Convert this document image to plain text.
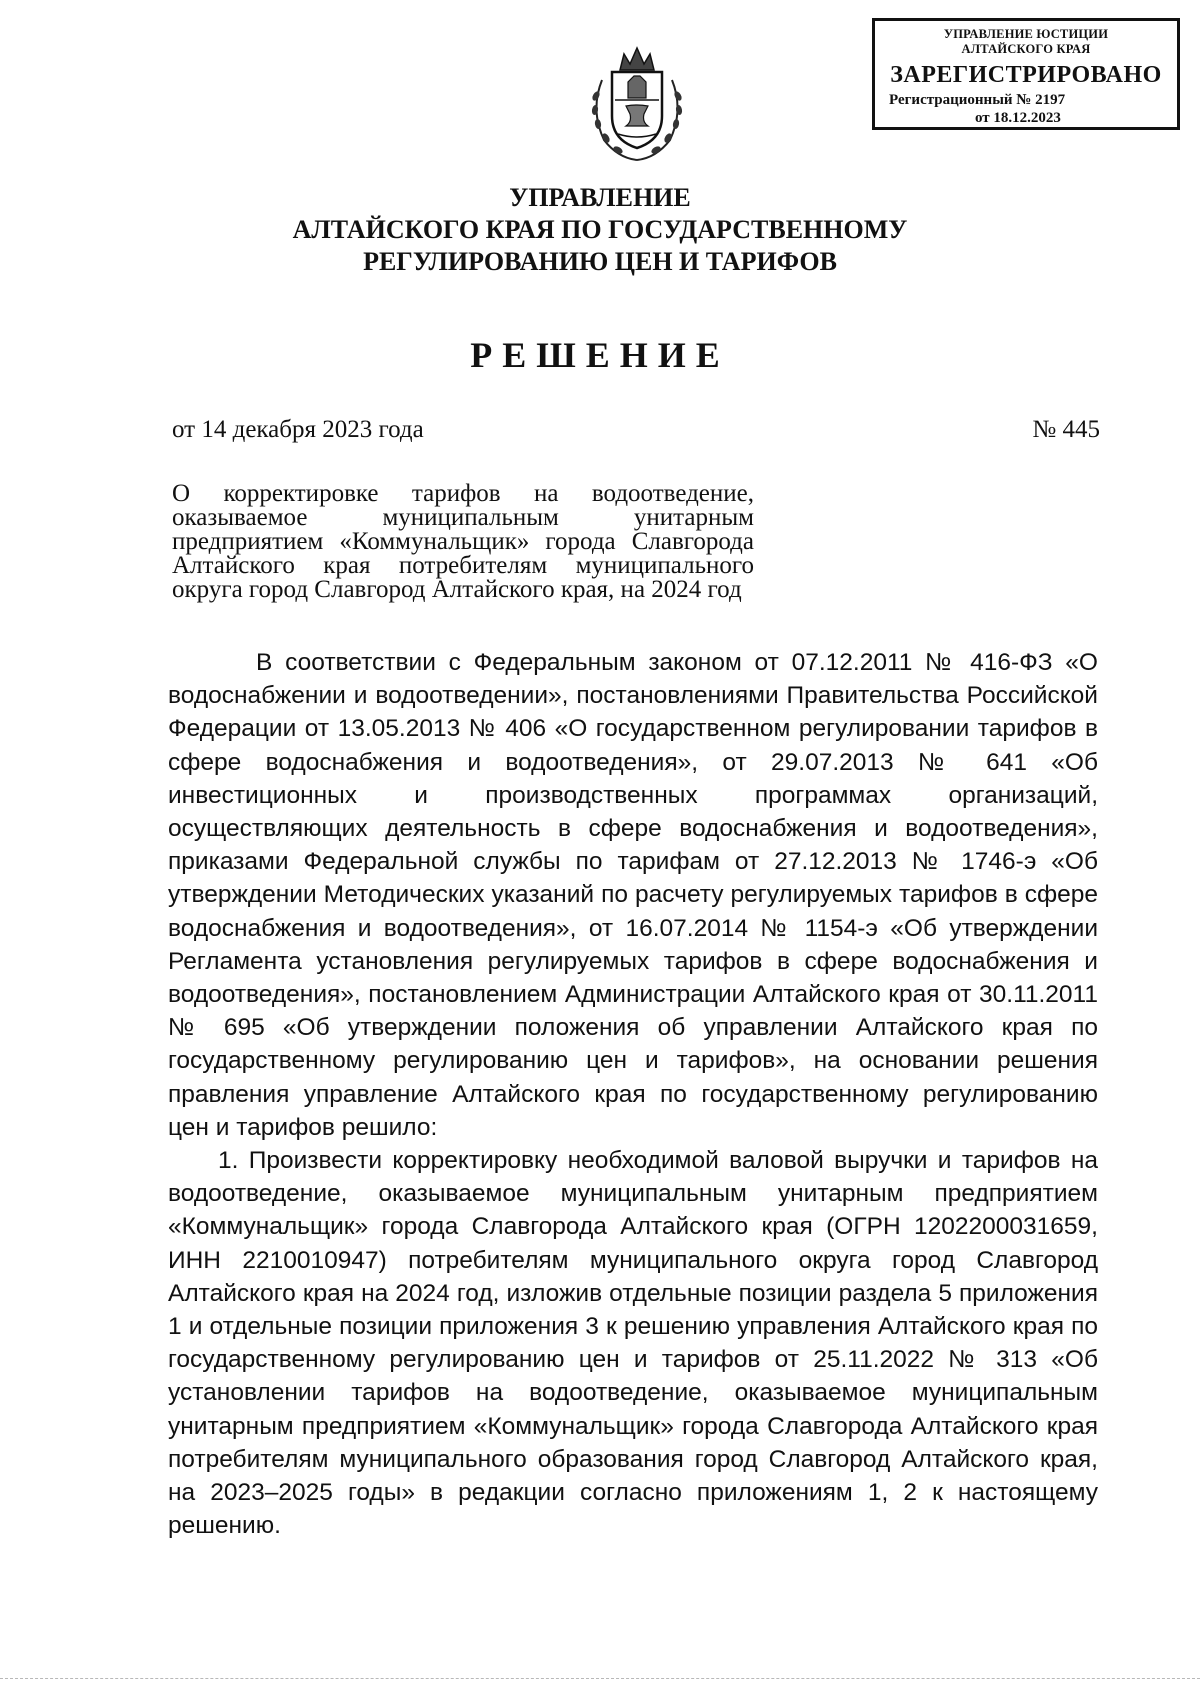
УПРАВЛЕНИЕ ЮСТИЦИИ
АЛТАЙСКОГО КРАЯ
ЗАРЕГИСТРИРОВАНО
Регистрационный № 2197
от 18.12.2023
УПРАВЛЕНИЕ
АЛТАЙСКОГО КРАЯ ПО ГОСУДАРСТВЕННОМУ
РЕГУЛИРОВАНИЮ ЦЕН И ТАРИФОВ
РЕШЕНИЕ
от 14 декабря 2023 года	№ 445

О корректировке тарифов на водоотведение, оказываемое муниципальным унитарным предприятием «Коммунальщик» города Славгорода Алтайского края потребителям муниципального округа город Славгород Алтайского края, на 2024 год

В соответствии с Федеральным законом от 07.12.2011 № 416-ФЗ «О водоснабжении и водоотведении», постановлениями Правительства Российской Федерации от 13.05.2013 № 406 «О государственном регулировании тарифов в сфере водоснабжения и водоотведения», от 29.07.2013 № 641 «Об инвестиционных и производственных программах организаций, осуществляющих деятельность в сфере водоснабжения и водоотведения», приказами Федеральной службы по тарифам от 27.12.2013 № 1746-э «Об утверждении Методических указаний по расчету регулируемых тарифов в сфере водоснабжения и водоотведения», от 16.07.2014 № 1154-э «Об утверждении Регламента установления регулируемых тарифов в сфере водоснабжения и водоотведения», постановлением Администрации Алтайского края от 30.11.2011 № 695 «Об утверждении положения об управлении Алтайского края по государственному регулированию цен и тарифов», на основании решения правления управление Алтайского края по государственному регулированию цен и тарифов решило:

1. Произвести корректировку необходимой валовой выручки и тарифов на водоотведение, оказываемое муниципальным унитарным предприятием «Коммунальщик» города Славгорода Алтайского края (ОГРН 1202200031659, ИНН 2210010947) потребителям муниципального округа город Славгород Алтайского края на 2024 год, изложив отдельные позиции раздела 5 приложения 1 и отдельные позиции приложения 3 к решению управления Алтайского края по государственному регулированию цен и тарифов от 25.11.2022 № 313 «Об установлении тарифов на водоотведение, оказываемое муниципальным унитарным предприятием «Коммунальщик» города Славгорода Алтайского края потребителям муниципального образования город Славгород Алтайского края, на 2023–2025 годы» в редакции согласно приложениям 1, 2 к настоящему решению.
